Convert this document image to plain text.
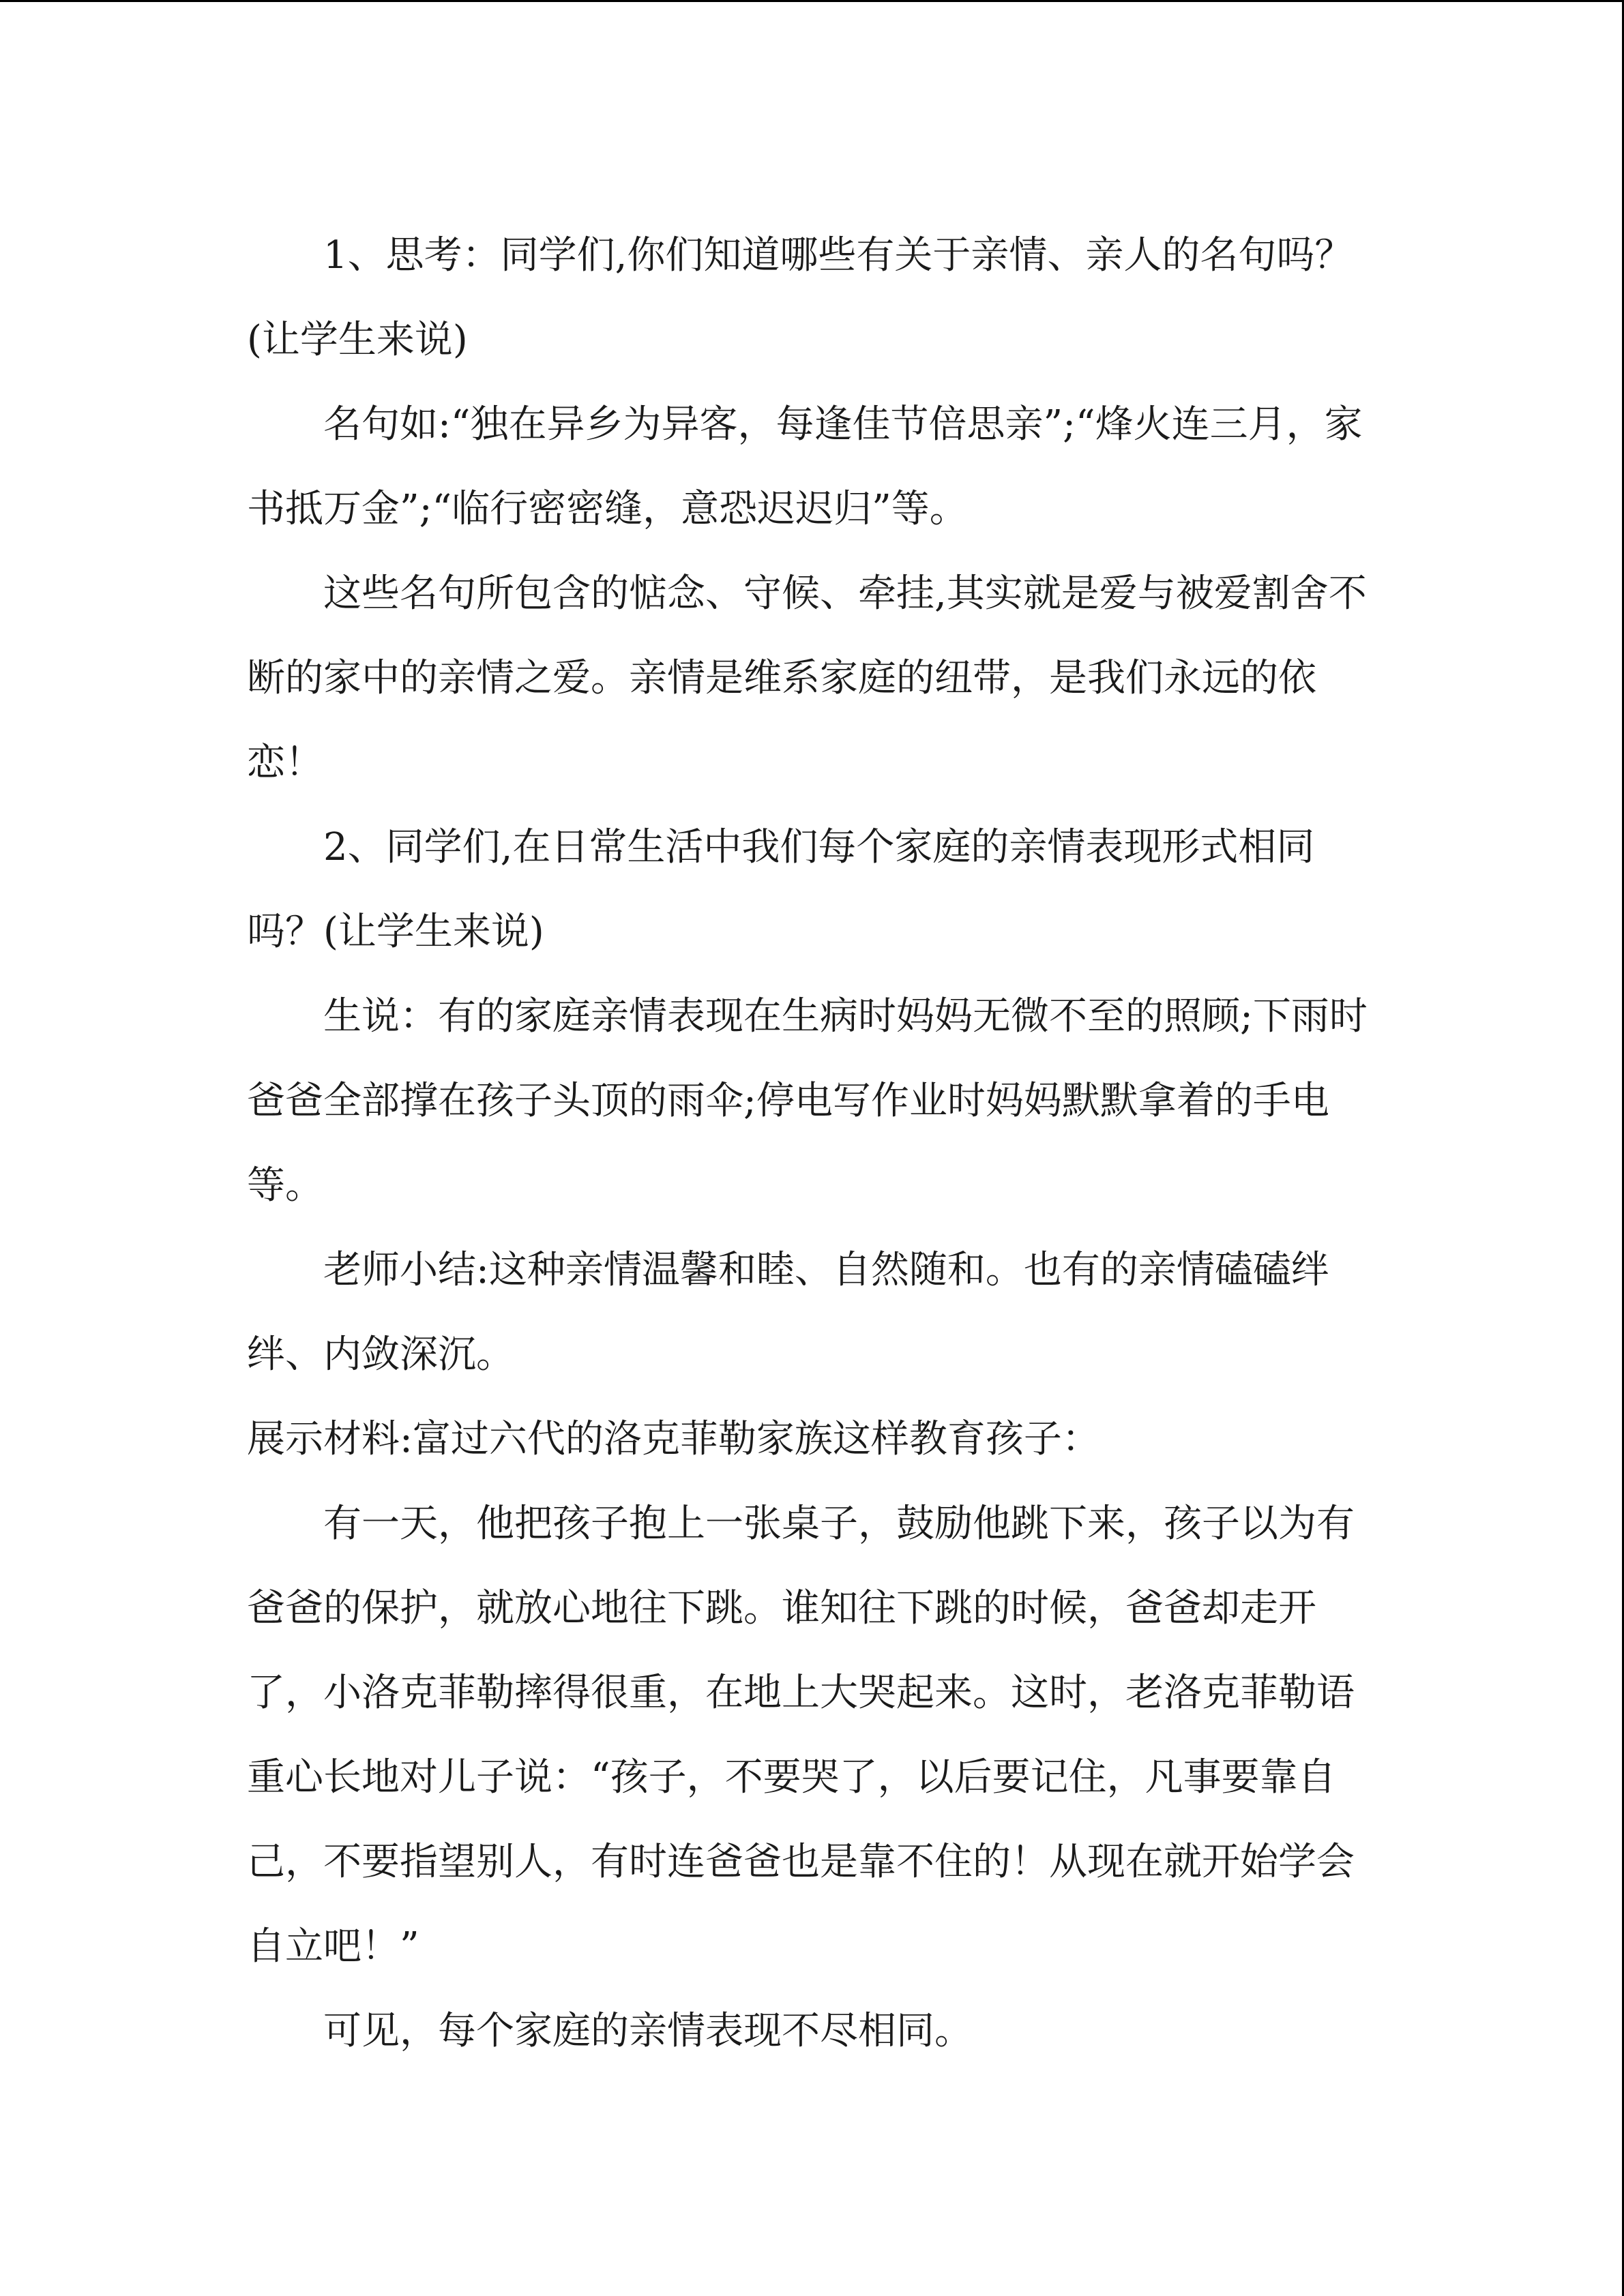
1、思考：同学们,你们知道哪些有关于亲情、亲人的名句吗？(让学生来说)

名句如:“独在异乡为异客，每逢佳节倍思亲”;“烽火连三月，家书抵万金”;“临行密密缝，意恐迟迟归”等。

这些名句所包含的惦念、守候、牵挂,其实就是爱与被爱割舍不断的家中的亲情之爱。亲情是维系家庭的纽带，是我们永远的依恋！

2、同学们,在日常生活中我们每个家庭的亲情表现形式相同吗？(让学生来说)

生说：有的家庭亲情表现在生病时妈妈无微不至的照顾;下雨时爸爸全部撑在孩子头顶的雨伞;停电写作业时妈妈默默拿着的手电等。

老师小结:这种亲情温馨和睦、自然随和。也有的亲情磕磕绊绊、内敛深沉。

展示材料:富过六代的洛克菲勒家族这样教育孩子：

有一天，他把孩子抱上一张桌子，鼓励他跳下来，孩子以为有爸爸的保护，就放心地往下跳。谁知往下跳的时候，爸爸却走开了，小洛克菲勒摔得很重，在地上大哭起来。这时，老洛克菲勒语重心长地对儿子说：“孩子，不要哭了，以后要记住，凡事要靠自己，不要指望别人，有时连爸爸也是靠不住的！从现在就开始学会自立吧！”

可见，每个家庭的亲情表现不尽相同。
